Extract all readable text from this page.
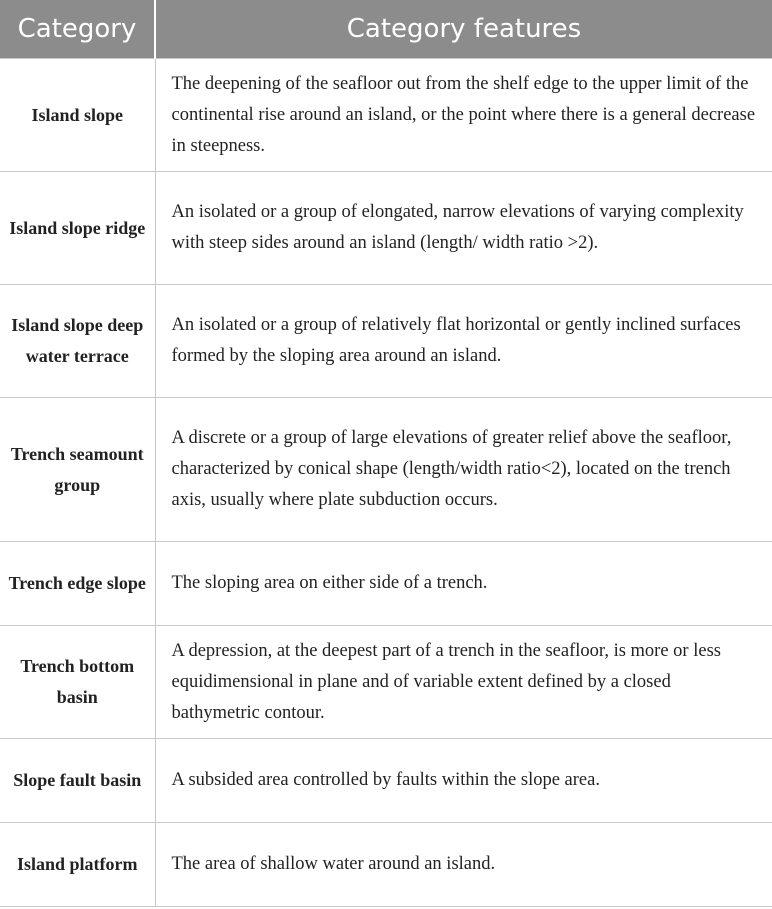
Category	Category features
Island slope	The deepening of the seafloor out from the shelf edge to the upper limit of the continental rise around an island, or the point where there is a general decrease in steepness.
Island slope ridge	An isolated or a group of elongated, narrow elevations of varying complexity with steep sides around an island (length/ width ratio >2).
Island slope deep water terrace	An isolated or a group of relatively flat horizontal or gently inclined surfaces formed by the sloping area around an island.
Trench seamount group	A discrete or a group of large elevations of greater relief above the seafloor, characterized by conical shape (length/width ratio<2), located on the trench axis, usually where plate subduction occurs.
Trench edge slope	The sloping area on either side of a trench.
Trench bottom basin	A depression, at the deepest part of a trench in the seafloor, is more or less equidimensional in plane and of variable extent defined by a closed bathymetric contour.
Slope fault basin	A subsided area controlled by faults within the slope area.
Island platform	The area of shallow water around an island.
